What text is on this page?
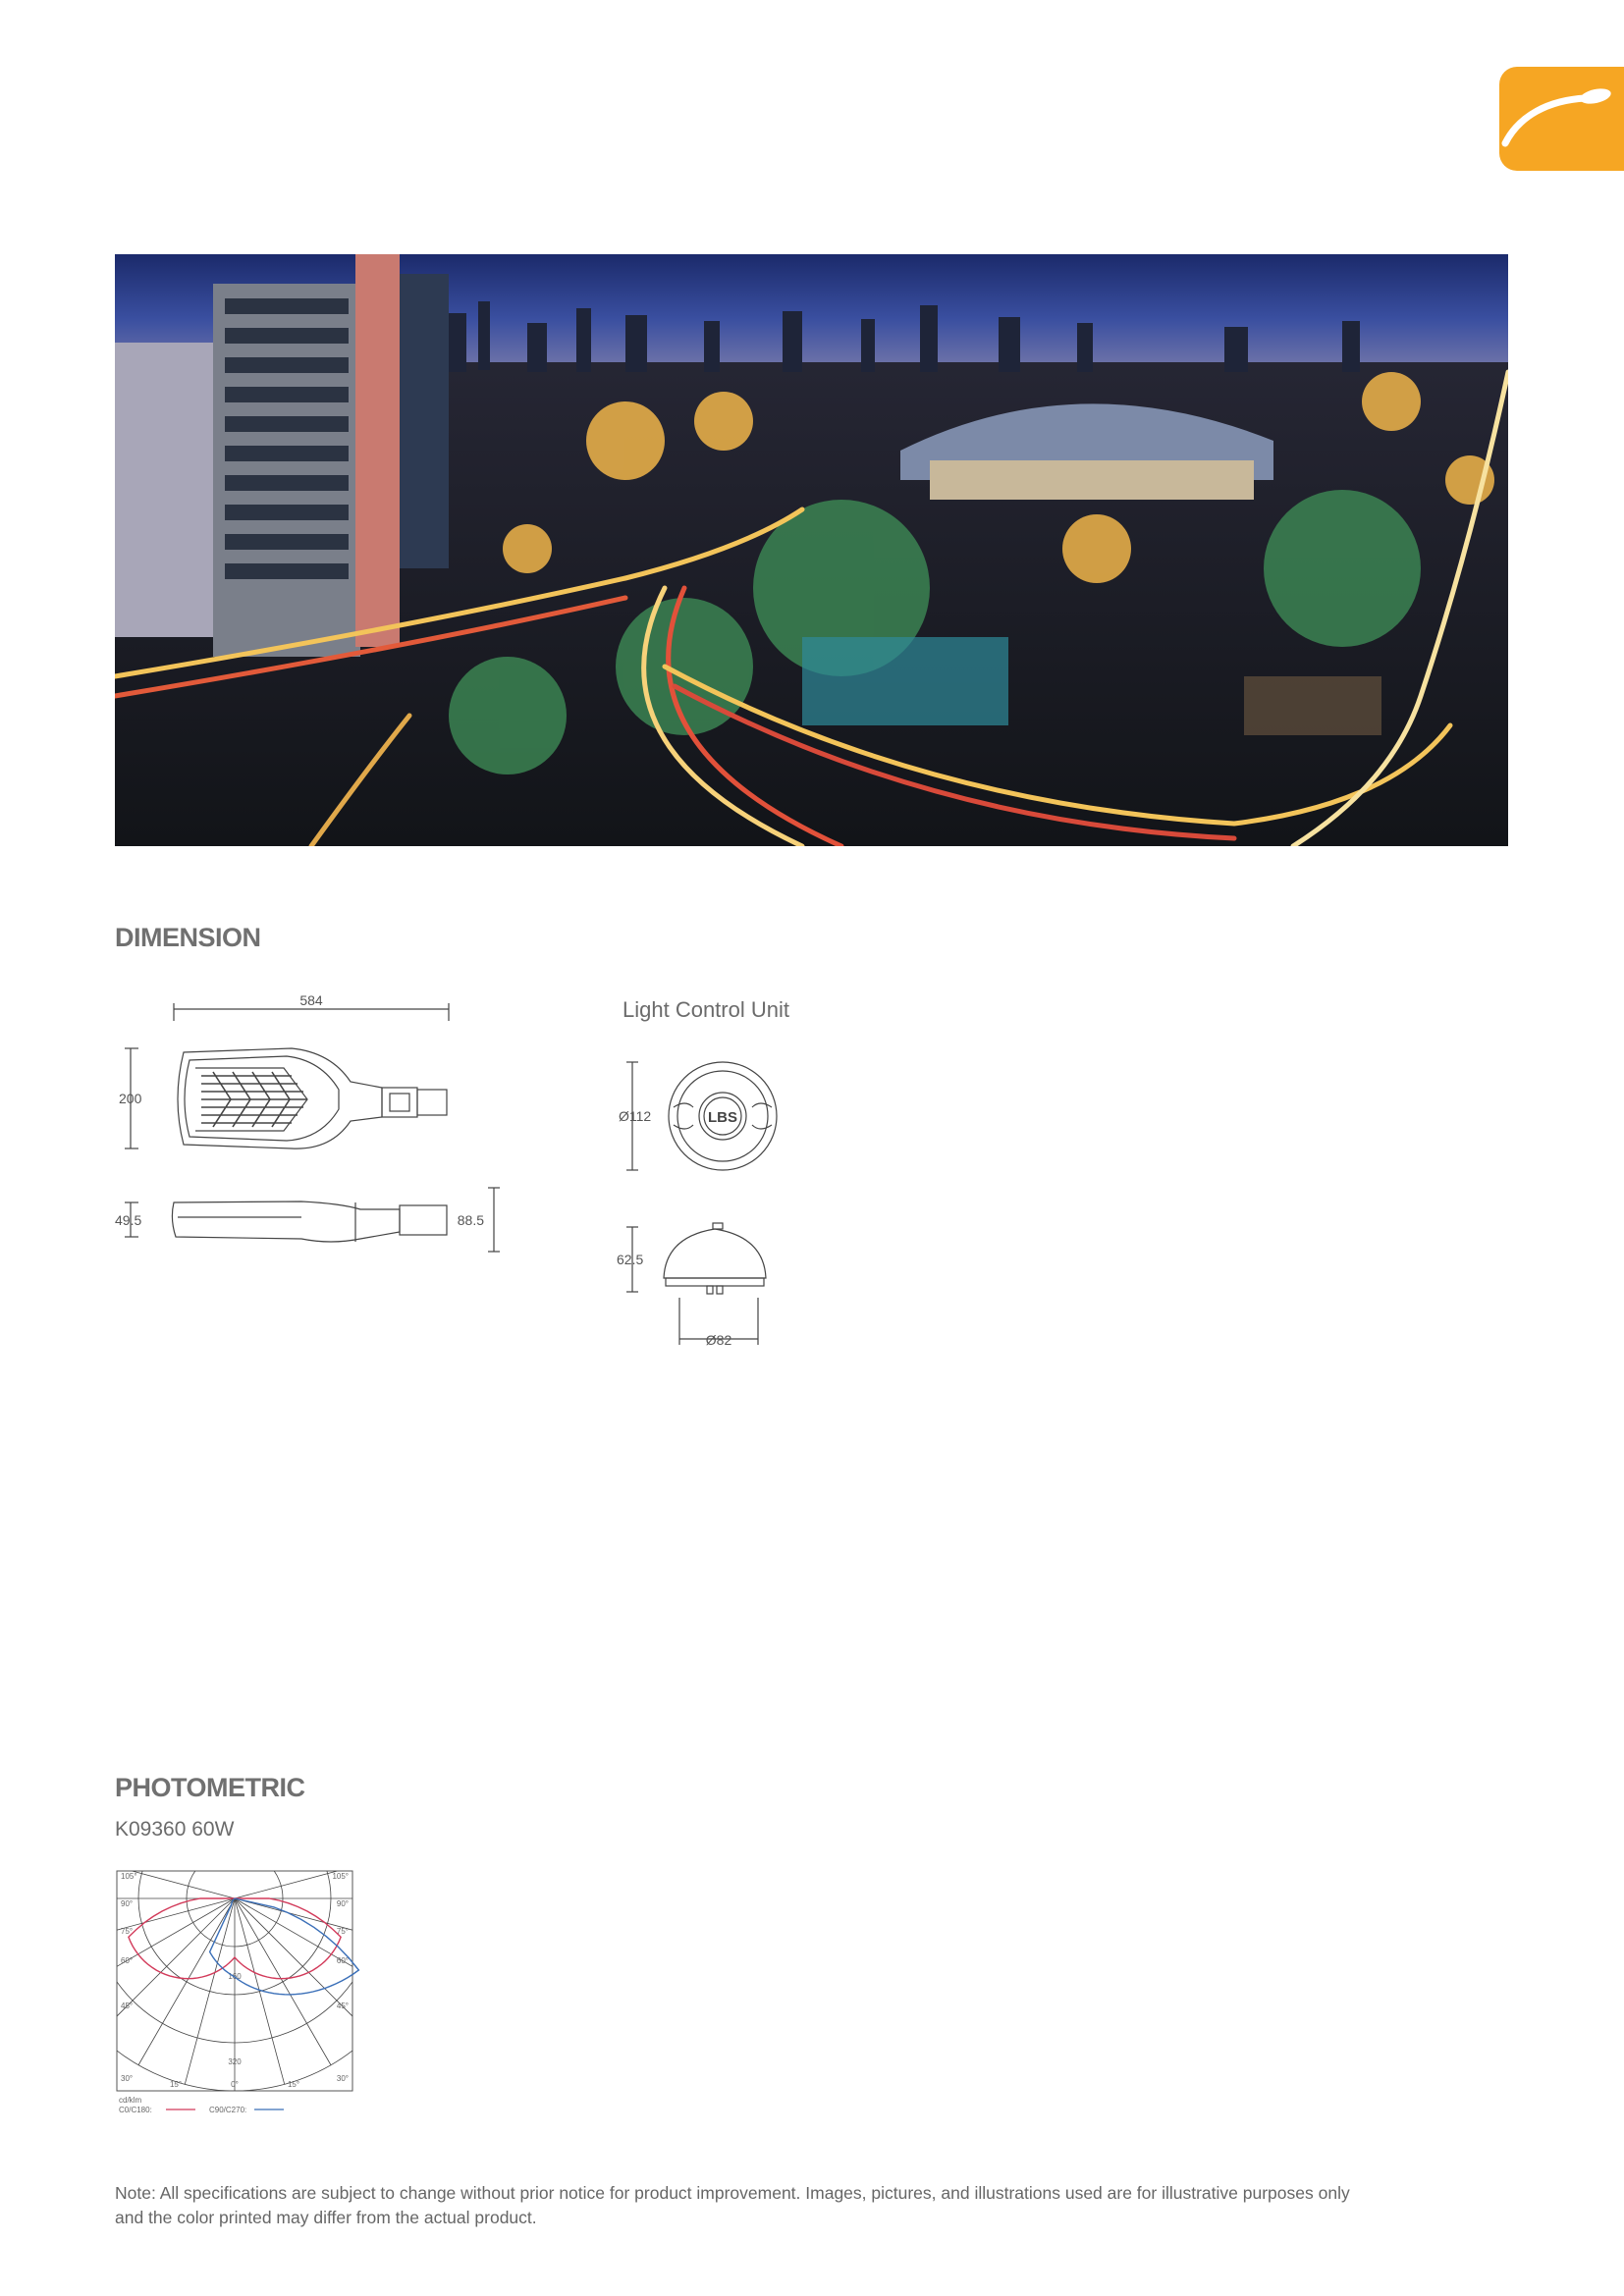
DIMENSION
584
200
49.5	88.5

Light Control Unit

LBS
Ø112
62.5
Ø82
PHOTOMETRIC

K09360 60W

105°
90°
75°
60°
45°
30°
105°
90°
75°
60°
45°
30°
15°	0°	15°
160
320
cd/klm
C0/C180:	C90/C270:
Note: All specifications are subject to change without prior notice for product improvement. Images, pictures, and illustrations used are for illustrative purposes only
and the color printed may differ from the actual product.
